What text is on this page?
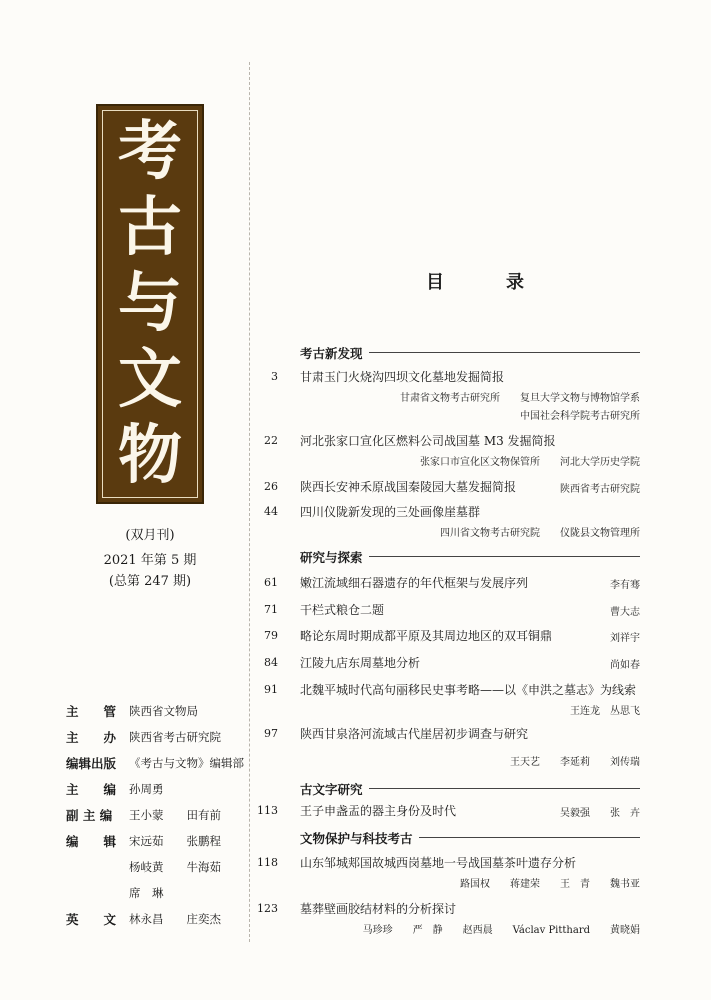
考
古
与
文
物
(双月刊)
2021 年第 5 期
(总第 247 期)
主　　管 陕西省文物局
主　　办 陕西省考古研究院
编辑出版 《考古与文物》编辑部
主　　编 孙周勇
副 主 编 王小蒙　　田有前
编　　辑 宋远茹　　张鹏程
杨岐黄　　牛海茹
席　琳
英　　文 林永昌　　庄奕杰
目　录
考古新发现
3 甘肃玉门火烧沟四坝文化墓地发掘简报
甘肃省文物考古研究所　　复旦大学文物与博物馆学系
中国社会科学院考古研究所
22 河北张家口宣化区燃料公司战国墓 M3 发掘简报
张家口市宣化区文物保管所　　河北大学历史学院
26 陕西长安神禾原战国秦陵园大墓发掘简报	陕西省考古研究院
44 四川仪陇新发现的三处画像崖墓群
四川省文物考古研究院　　仪陇县文物管理所
研究与探索
61 嫩江流域细石器遗存的年代框架与发展序列	李有骞
71 干栏式粮仓二题	曹大志
79 略论东周时期成都平原及其周边地区的双耳铜鼎	刘祥宇
84 江陵九店东周墓地分析	尚如春
91 北魏平城时代高句丽移民史事考略——以《申洪之墓志》为线索
王连龙　丛思飞
97 陕西甘泉洛河流域古代崖居初步调查与研究
王天艺　　李延莉　　刘传瑞
古文字研究
113 王子申盏盂的器主身份及时代	吴毅强　　张　卉
文物保护与科技考古
118 山东邹城郏国故城西岗墓地一号战国墓茶叶遗存分析
路国权　　蒋建荣　　王　青　　魏书亚
123 墓葬壁画胶结材料的分析探讨
马珍珍　　严　静　　赵西晨　　Václav Pitthard　　黄晓娟
